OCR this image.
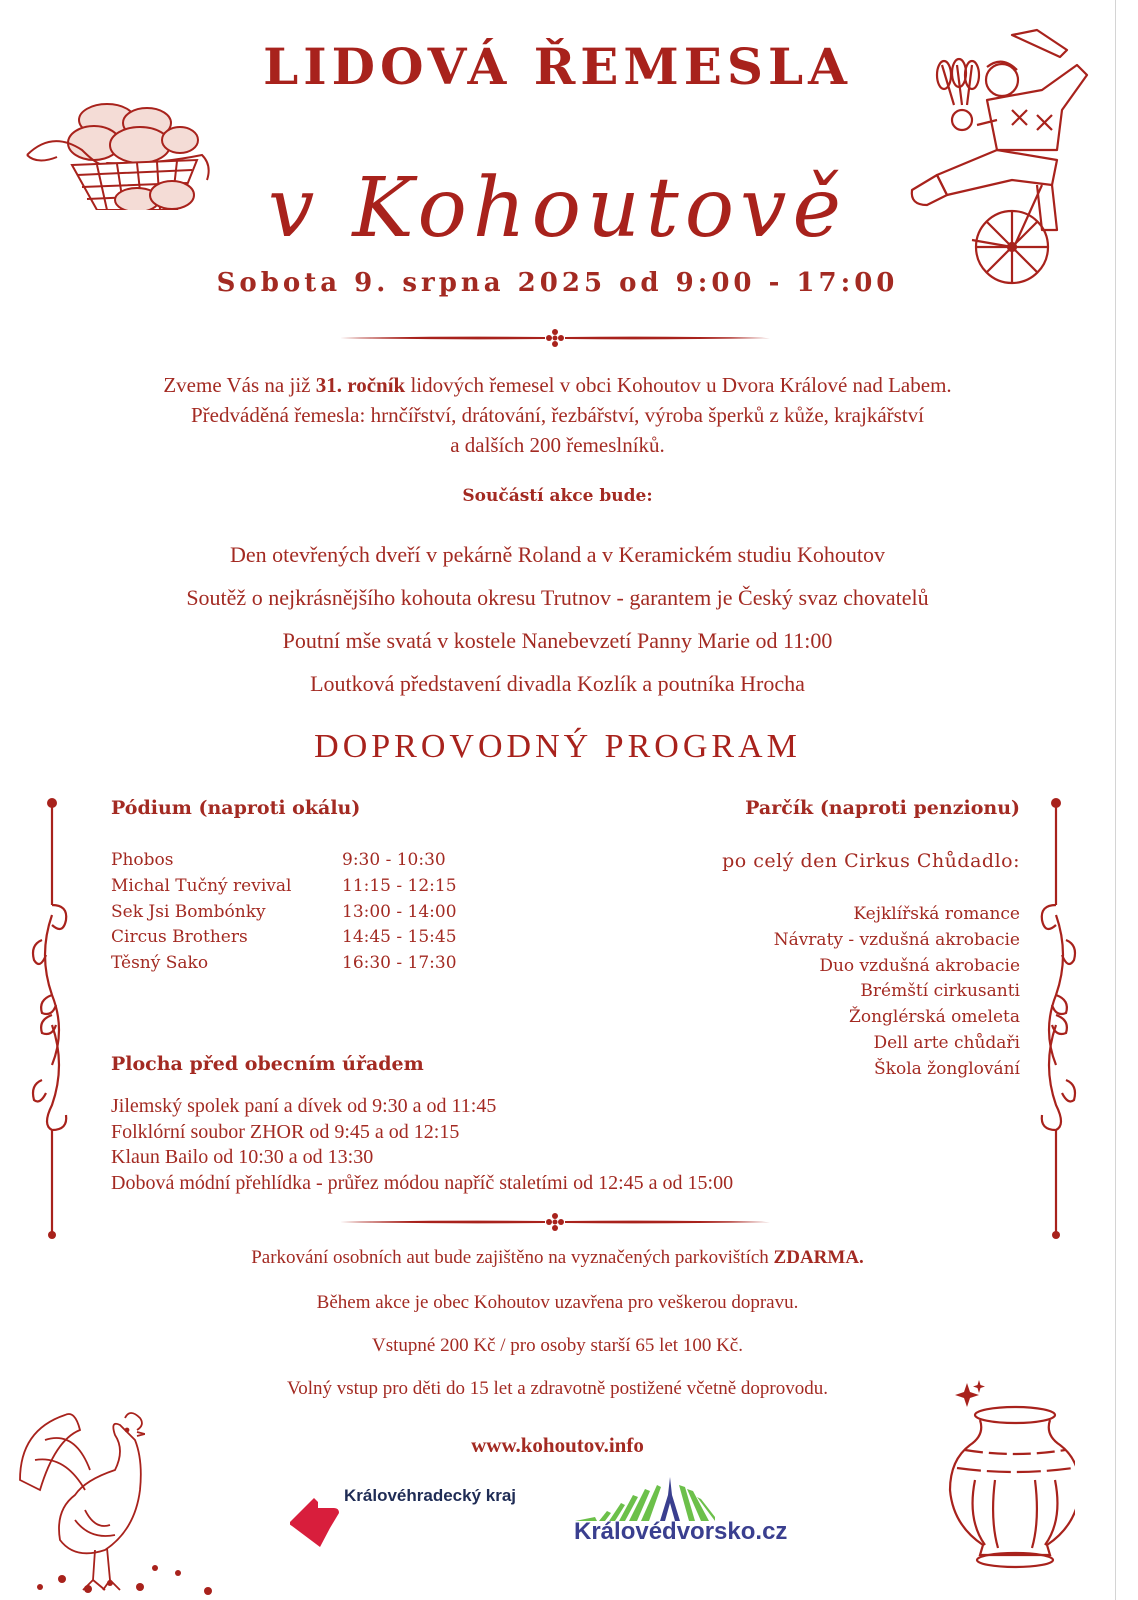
LIDOVÁ ŘEMESLA
v Kohoutově
Sobota 9. srpna 2025 od 9:00 - 17:00
Zveme Vás na již 31. ročník lidových řemesel v obci Kohoutov u Dvora Králové nad Labem.
Předváděná řemesla: hrnčířství, drátování, řezbářství, výroba šperků z kůže, krajkářství
a dalších 200 řemeslníků.
Součástí akce bude:
Den otevřených dveří v pekárně Roland a v Keramickém studiu Kohoutov
Soutěž o nejkrásnějšího kohouta okresu Trutnov - garantem je Český svaz chovatelů
Poutní mše svatá v kostele Nanebevzetí Panny Marie od 11:00
Loutková představení divadla Kozlík a poutníka Hrocha
DOPROVODNÝ PROGRAM
Pódium (naproti okálu)
Phobos	9:30 - 10:30
Michal Tučný revival	11:15 - 12:15
Sek Jsi Bombónky	13:00 - 14:00
Circus Brothers	14:45 - 15:45
Těsný Sako	16:30 - 17:30
Parčík (naproti penzionu)
po celý den Cirkus Chůdadlo:
Kejklířská romance
Návraty - vzdušná akrobacie
Duo vzdušná akrobacie
Brémští cirkusanti
Žonglérská omeleta
Dell arte chůdaři
Škola žonglování
Plocha před obecním úřadem
Jilemský spolek paní a dívek od 9:30 a od 11:45
Folklórní soubor ZHOR od 9:45 a od 12:15
Klaun Bailo od 10:30 a od 13:30
Dobová módní přehlídka - průřez módou napříč staletími od 12:45 a od 15:00
Parkování osobních aut bude zajištěno na vyznačených parkovištích ZDARMA.
Během akce je obec Kohoutov uzavřena pro veškerou dopravu.
Vstupné 200 Kč / pro osoby starší 65 let 100 Kč.
Volný vstup pro děti do 15 let a zdravotně postižené včetně doprovodu.
www.kohoutov.info
Královéhradecký kraj
Královédvorsko.cz
